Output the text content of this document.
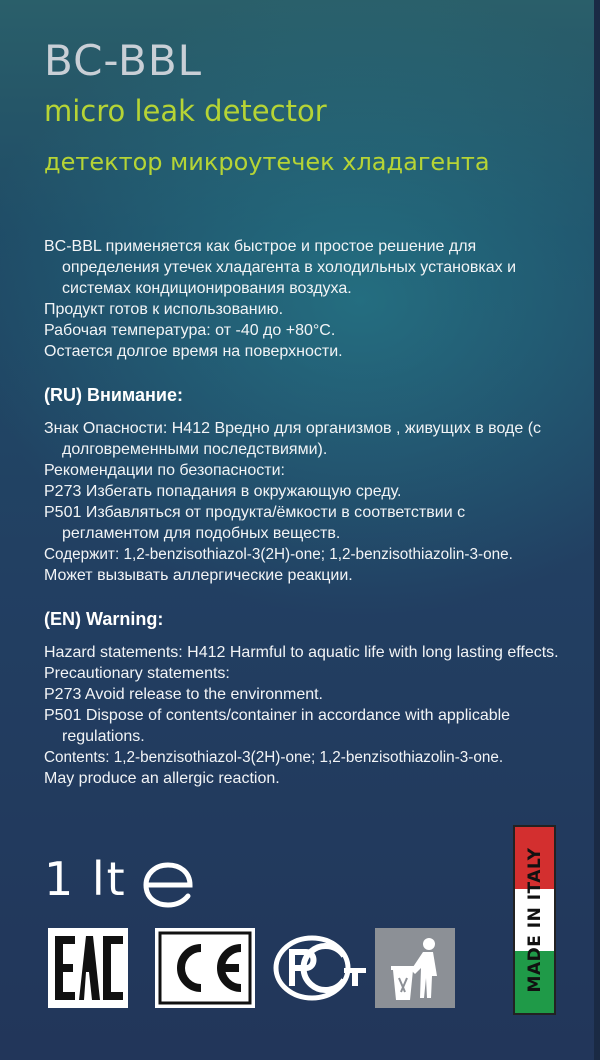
BC-BBL
micro leak detector
детектор микроутечек хладагента

BC-BBL применяется как быстрое и простое решение для определения утечек хладагента в холодильных установках и системах кондиционирования воздуха.

Продукт готов к использованию.

Рабочая температура: от -40 до +80°C.

Остается долгое время на поверхности.

(RU) Внимание:

Знак Опасности: H412 Вредно для организмов , живущих в воде (с долговременными последствиями).

Рекомендации по безопасности:

P273 Избегать попадания в окружающую среду.

P501 Избавляться от продукта/ёмкости в соответствии с регламентом для подобных веществ.

Содержит: 1,2-benzisothiazol-3(2H)-one; 1,2-benzisothiazolin-3-one.

Может вызывать аллергические реакции.

(EN) Warning:

Hazard statements: H412 Harmful to aquatic life with long lasting effects.

Precautionary statements:

P273 Avoid release to the environment.

P501 Dispose of contents/container in accordance with applicable regulations.

Contents: 1,2-benzisothiazol-3(2H)-one; 1,2-benzisothiazolin-3-one.

May produce an allergic reaction.

1 lt	MADE IN ITALY
